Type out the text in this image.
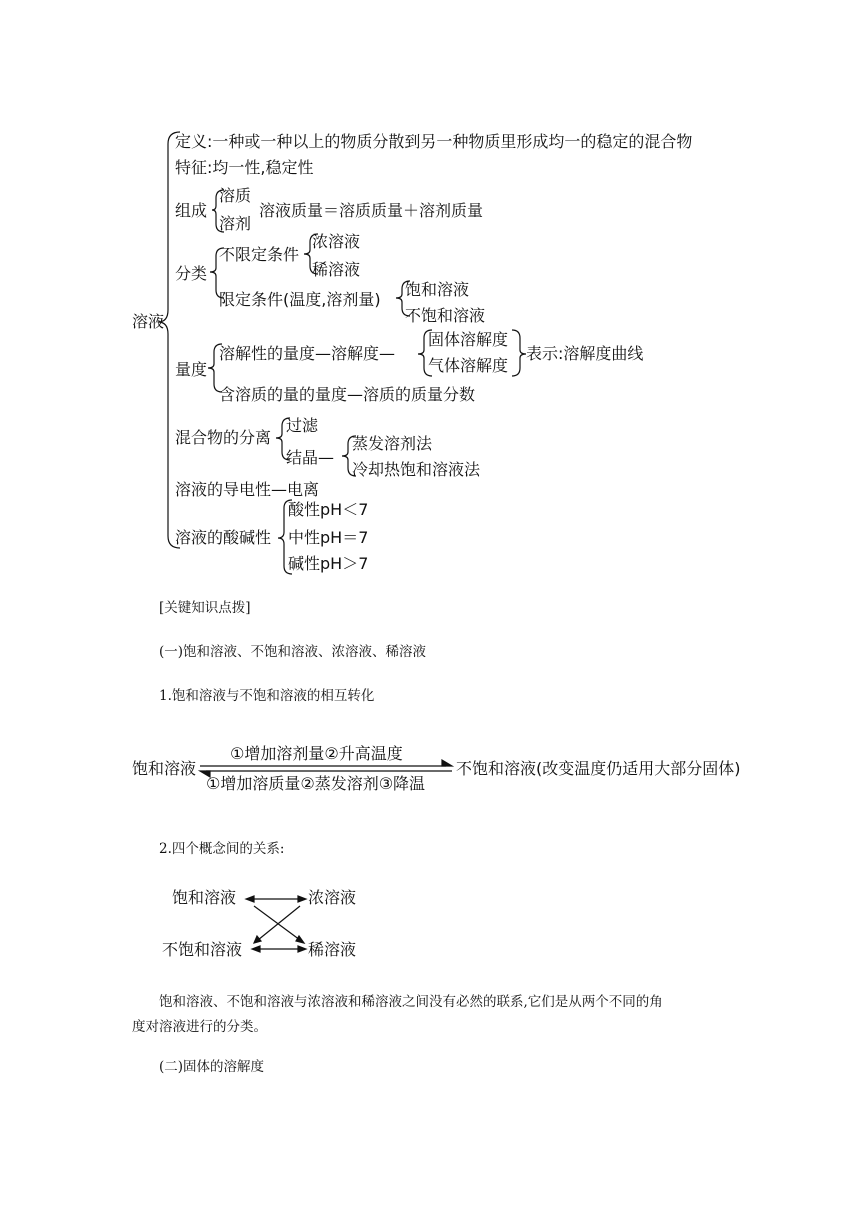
溶液
定义:一种或一种以上的物质分散到另一种物质里形成均一的稳定的混合物
特征:均一性,稳定性
组成
溶质
溶剂
溶液质量＝溶质质量＋溶剂质量
分类
不限定条件
浓溶液
稀溶液
限定条件(温度,溶剂量)
饱和溶液
不饱和溶液
量度
溶解性的量度—溶解度—
固体溶解度
气体溶解度
表示:溶解度曲线
含溶质的量的量度—溶质的质量分数
混合物的分离
过滤
结晶—
蒸发溶剂法
冷却热饱和溶液法
溶液的导电性—电离
溶液的酸碱性
酸性pH＜7
中性pH＝7
碱性pH＞7
[关键知识点拨]
(一)饱和溶液、不饱和溶液、浓溶液、稀溶液
1.饱和溶液与不饱和溶液的相互转化
饱和溶液
①增加溶剂量②升高温度
①增加溶质量②蒸发溶剂③降温
不饱和溶液(改变温度仍适用大部分固体)
2.四个概念间的关系:
饱和溶液	浓溶液
不饱和溶液	稀溶液
饱和溶液、不饱和溶液与浓溶液和稀溶液之间没有必然的联系,它们是从两个不同的角
度对溶液进行的分类。
(二)固体的溶解度
